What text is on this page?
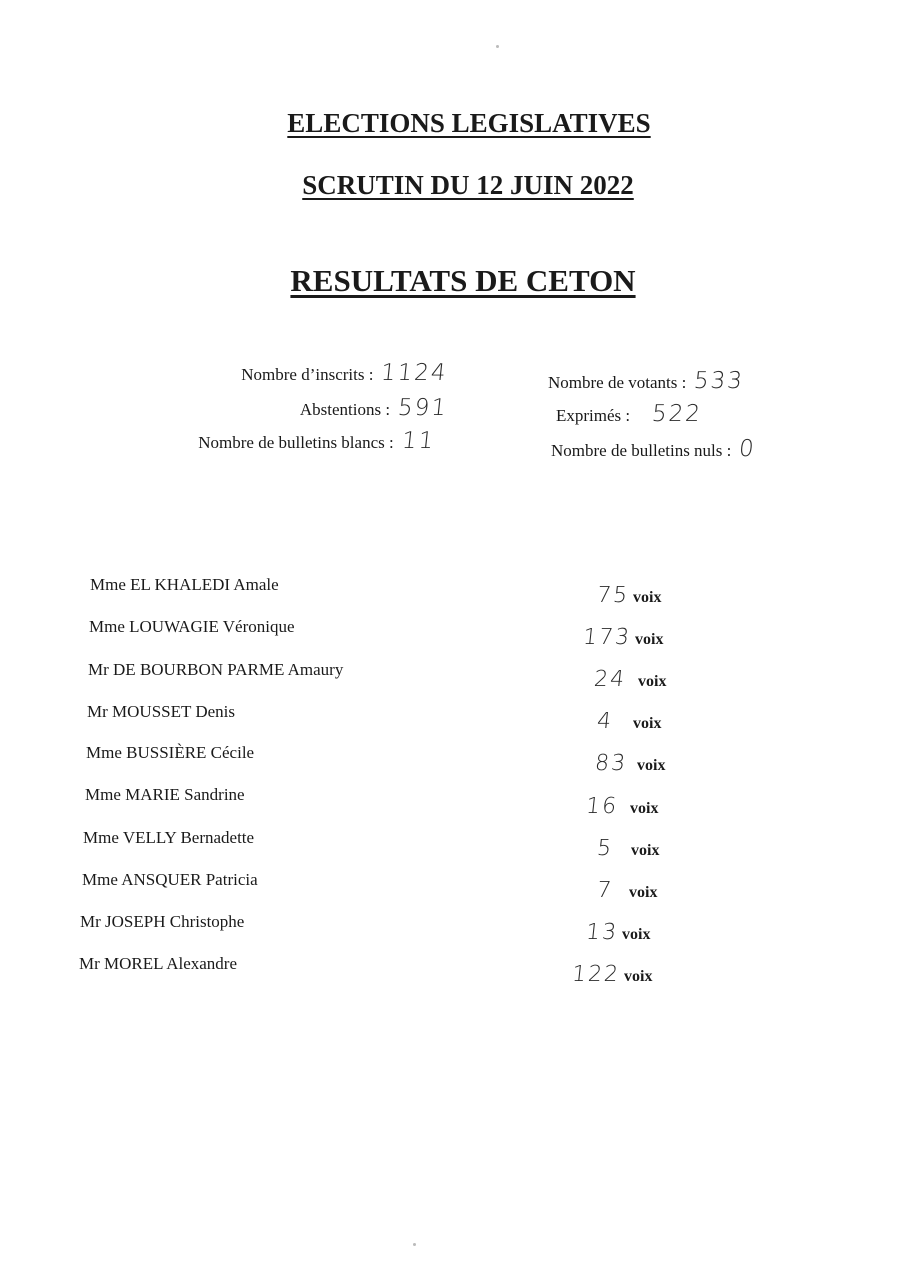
ELECTIONS LEGISLATIVES
SCRUTIN DU 12 JUIN 2022
RESULTATS DE CETON
Nombre d’inscrits : 1124
Abstentions : 591
Nombre de bulletins blancs : 11
Nombre de votants : 533
Exprimés : 522
Nombre de bulletins nuls : 0
Mme EL KHALEDI Amale
Mme LOUWAGIE Véronique
Mr DE BOURBON PARME Amaury
Mr MOUSSET Denis
Mme BUSSIÈRE Cécile
Mme MARIE Sandrine
Mme VELLY Bernadette
Mme ANSQUER Patricia
Mr JOSEPH Christophe
Mr MOREL Alexandre
75 voix
173 voix
24 voix
4 voix
83 voix
16 voix
5 voix
7 voix
13 voix
122 voix
